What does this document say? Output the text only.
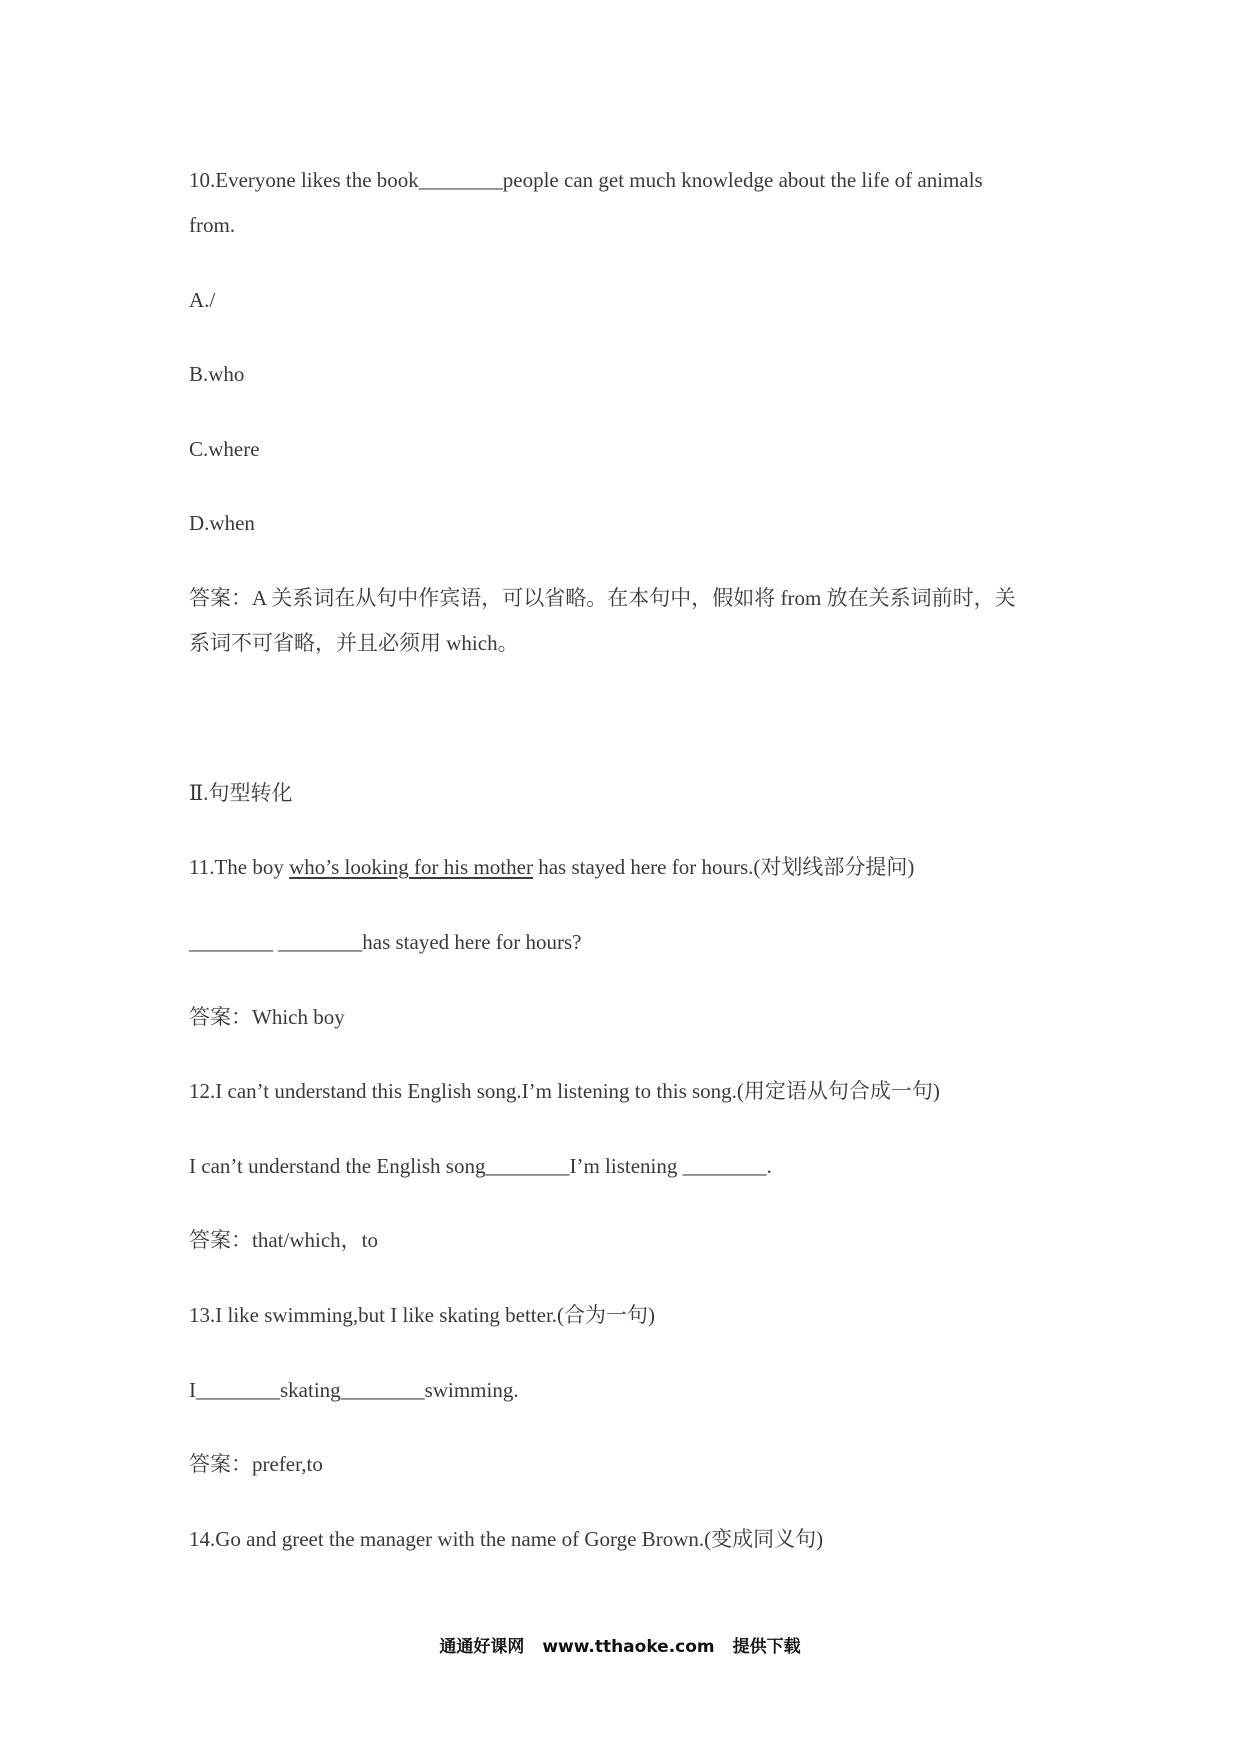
10.Everyone likes the book________people can get much knowledge about the life of animals
from.
A./
B.who
C.where
D.when
答案：A 关系词在从句中作宾语，可以省略。在本句中，假如将 from 放在关系词前时，关
系词不可省略，并且必须用 which。
Ⅱ.句型转化
11.The boy who’s looking for his mother has stayed here for hours.(对划线部分提问)
________ ________has stayed here for hours?
答案：Which boy
12.I can’t understand this English song.I’m listening to this song.(用定语从句合成一句)
I can’t understand the English song________I’m listening ________.
答案：that/which，to
13.I like swimming,but I like skating better.(合为一句)
I________skating________swimming.
答案：prefer,to
14.Go and greet the manager with the name of Gorge Brown.(变成同义句)
通通好课网 www.tthaoke.com 提供下载
